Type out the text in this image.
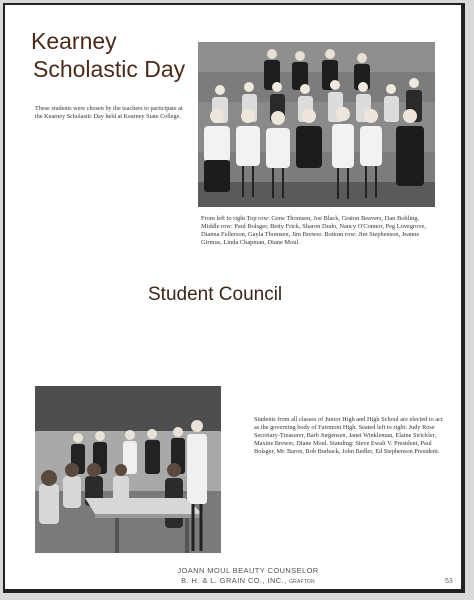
Kearney
Scholastic Day
These students were chosen by the teachers to participate at the Kearney Scholastic Day held at Kearney State College.
From left to right Top row: Gene Thomsen, Joe Black, Graton Beavers, Dan Bohling. Middle row: Paul Bolsger, Betty Frick, Sharon Dudo, Nancy O'Connor, Peg Lovegrove, Dianna Fellerson, Gayla Thomsen, Jim Brewer. Bottom row: Jim Stephenson, Jeanne Girmus, Linda Chapman, Diane Moul.
Student Council
Students from all classes of Junior High and High School are elected to act as the governing body of Fairmont High. Seated left to right: Judy Rose Secretary-Treasurer, Barb Jurgensen, Janet Winkleman, Elaine Strickler, Maxine Brewer, Diane Moul. Standing: Steve Ewalt V. President, Paul Bolsger, Mr. Baron, Bob Burback, John Bedler, Ed Stephenson President.
JOANN MOUL BEAUTY COUNSELOR
B. H. & L. GRAIN CO., INC., GRAFTON	53
